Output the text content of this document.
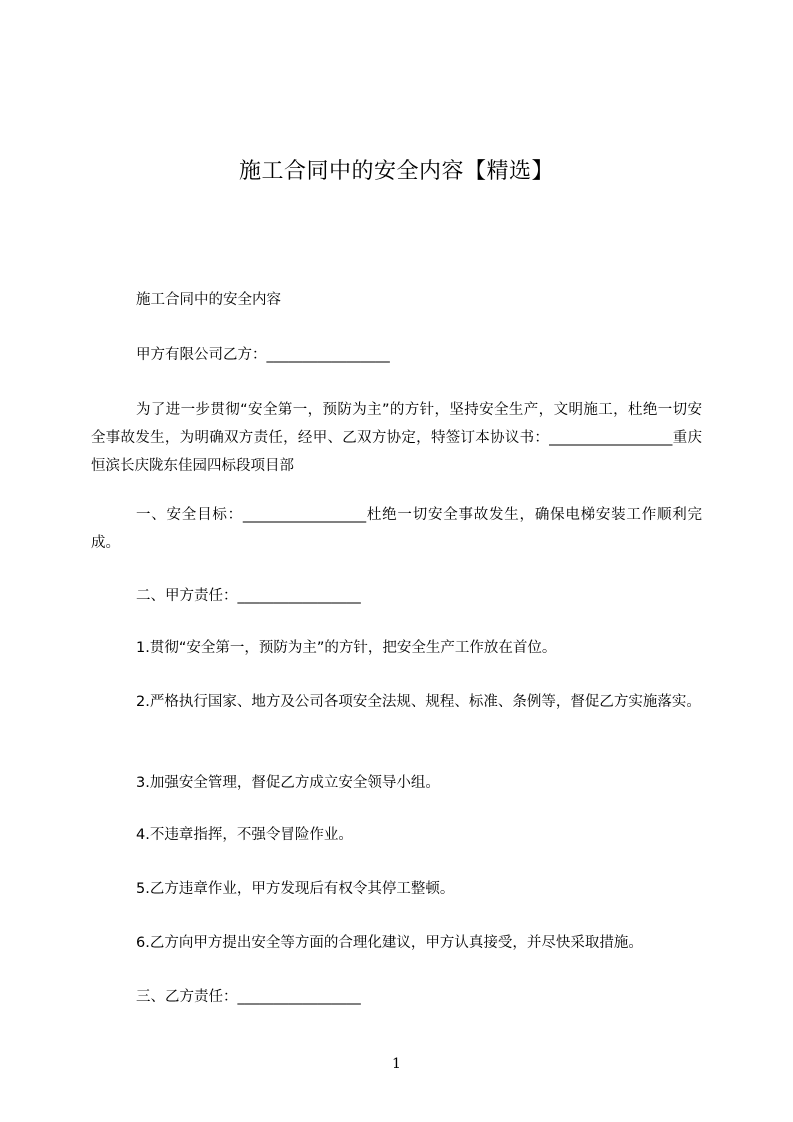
施工合同中的安全内容【精选】
施工合同中的安全内容
甲方有限公司乙方：_________________
为了进一步贯彻“安全第一，预防为主”的方针，坚持安全生产，文明施工，杜绝一切安全事故发生，为明确双方责任，经甲、乙双方协定，特签订本协议书：_________________重庆恒滨长庆陇东佳园四标段项目部
一、安全目标：_________________杜绝一切安全事故发生，确保电梯安装工作顺利完成。
二、甲方责任：_________________
1.贯彻“安全第一，预防为主”的方针，把安全生产工作放在首位。
2.严格执行国家、地方及公司各项安全法规、规程、标准、条例等，督促乙方实施落实。
3.加强安全管理，督促乙方成立安全领导小组。
4.不违章指挥，不强令冒险作业。
5.乙方违章作业，甲方发现后有权令其停工整顿。
6.乙方向甲方提出安全等方面的合理化建议，甲方认真接受，并尽快采取措施。
三、乙方责任：_________________
1
